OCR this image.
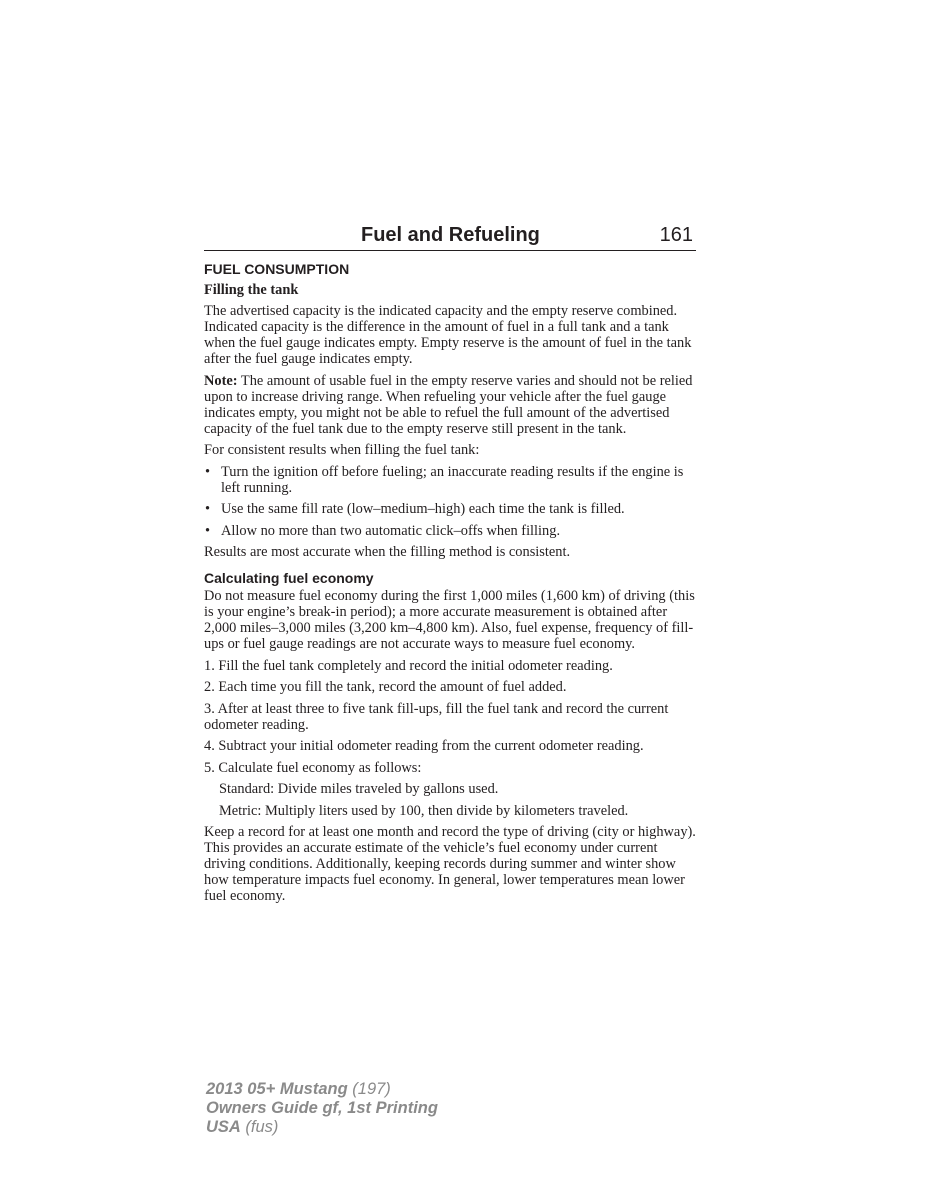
Fuel and Refueling	161
FUEL CONSUMPTION
Filling the tank

The advertised capacity is the indicated capacity and the empty reserve combined. Indicated capacity is the difference in the amount of fuel in a full tank and a tank when the fuel gauge indicates empty. Empty reserve is the amount of fuel in the tank after the fuel gauge indicates empty.

Note: The amount of usable fuel in the empty reserve varies and should not be relied upon to increase driving range. When refueling your vehicle after the fuel gauge indicates empty, you might not be able to refuel the full amount of the advertised capacity of the fuel tank due to the empty reserve still present in the tank.

For consistent results when filling the fuel tank:

• Turn the ignition off before fueling; an inaccurate reading results if the engine is left running.
• Use the same fill rate (low–medium–high) each time the tank is filled.
• Allow no more than two automatic click–offs when filling.

Results are most accurate when the filling method is consistent.

Calculating fuel economy

Do not measure fuel economy during the first 1,000 miles (1,600 km) of driving (this is your engine’s break-in period); a more accurate measurement is obtained after 2,000 miles–3,000 miles (3,200 km–4,800 km). Also, fuel expense, frequency of fill-ups or fuel gauge readings are not accurate ways to measure fuel economy.

1. Fill the fuel tank completely and record the initial odometer reading.

2. Each time you fill the tank, record the amount of fuel added.

3. After at least three to five tank fill-ups, fill the fuel tank and record the current odometer reading.

4. Subtract your initial odometer reading from the current odometer reading.

5. Calculate fuel economy as follows:

Standard: Divide miles traveled by gallons used.

Metric: Multiply liters used by 100, then divide by kilometers traveled.

Keep a record for at least one month and record the type of driving (city or highway). This provides an accurate estimate of the vehicle’s fuel economy under current driving conditions. Additionally, keeping records during summer and winter show how temperature impacts fuel economy. In general, lower temperatures mean lower fuel economy.

2013 05+ Mustang (197)
Owners Guide gf, 1st Printing
USA (fus)
